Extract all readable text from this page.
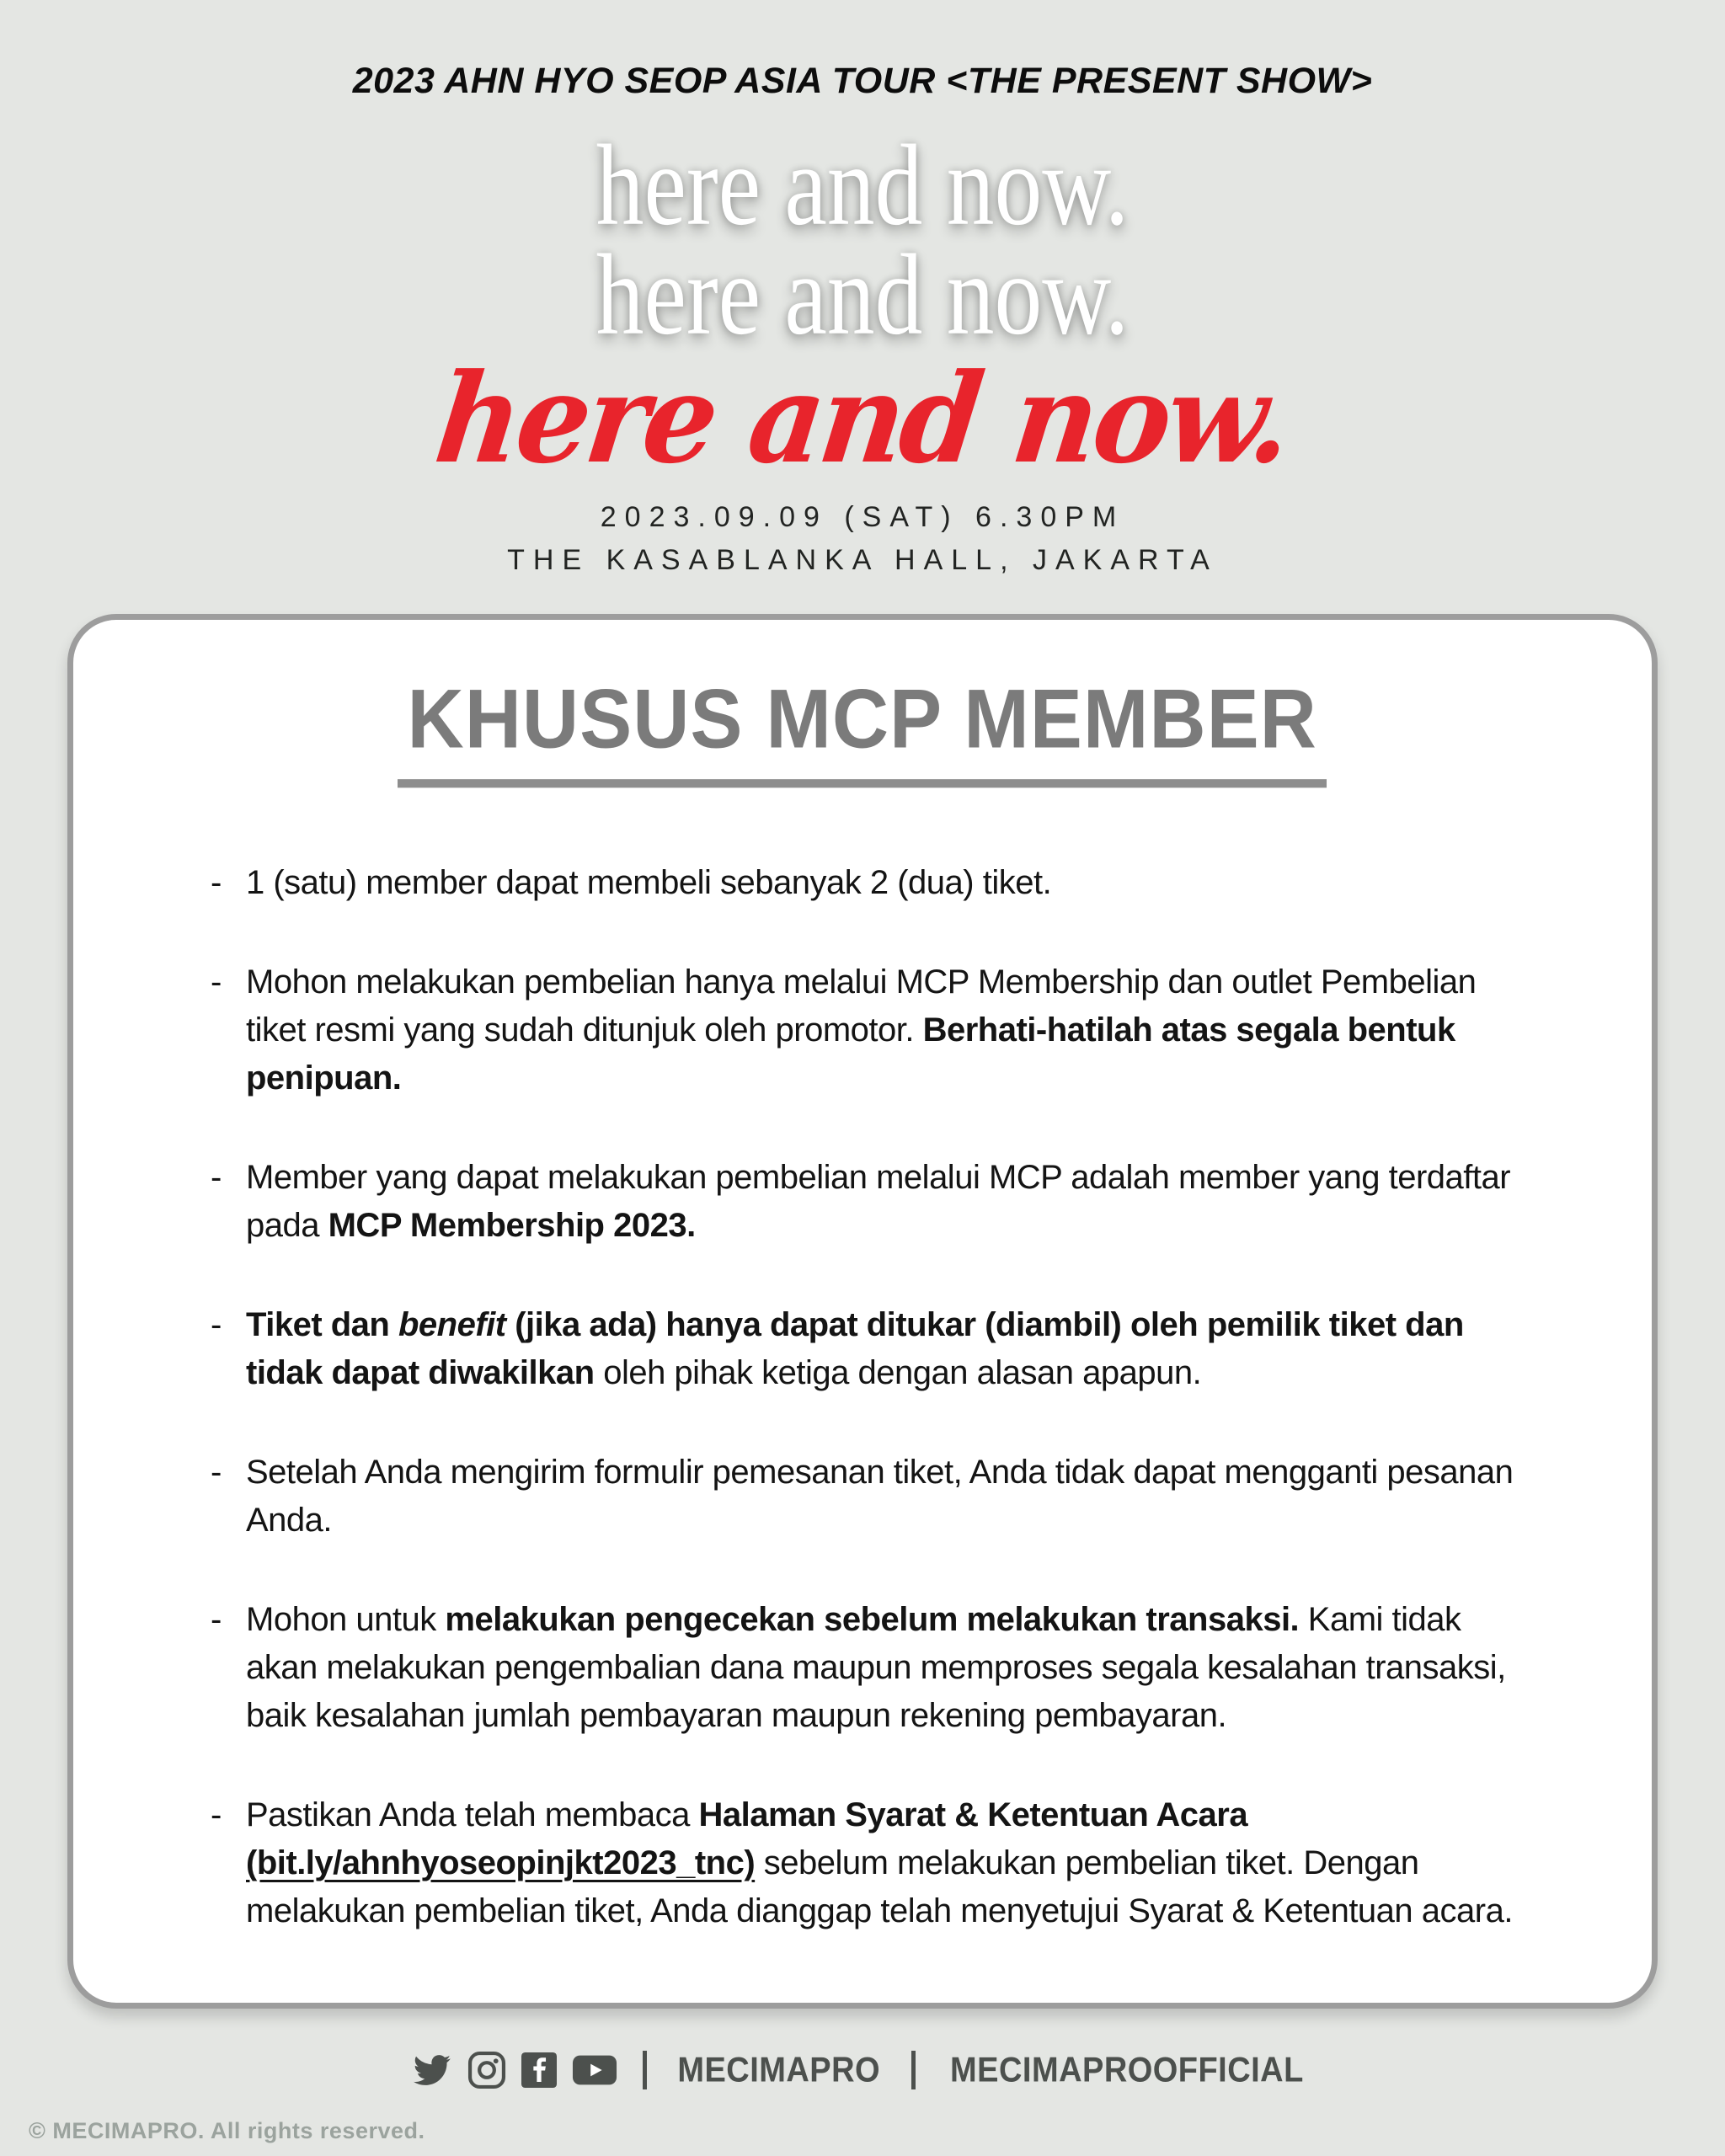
2023 AHN HYO SEOP ASIA TOUR <THE PRESENT SHOW>
here and now.
here and now.
here and now.
2023.09.09 (SAT) 6.30PM
THE KASABLANKA HALL, JAKARTA
KHUSUS MCP MEMBER
- 1 (satu) member dapat membeli sebanyak 2 (dua) tiket.
- Mohon melakukan pembelian hanya melalui MCP Membership dan outlet Pembelian tiket resmi yang sudah ditunjuk oleh promotor. Berhati-hatilah atas segala bentuk penipuan.
- Member yang dapat melakukan pembelian melalui MCP adalah member yang terdaftar pada MCP Membership 2023.
- Tiket dan benefit (jika ada) hanya dapat ditukar (diambil) oleh pemilik tiket dan tidak dapat diwakilkan oleh pihak ketiga dengan alasan apapun.
- Setelah Anda mengirim formulir pemesanan tiket, Anda tidak dapat mengganti pesanan Anda.
- Mohon untuk melakukan pengecekan sebelum melakukan transaksi. Kami tidak akan melakukan pengembalian dana maupun memproses segala kesalahan transaksi, baik kesalahan jumlah pembayaran maupun rekening pembayaran.
- Pastikan Anda telah membaca Halaman Syarat & Ketentuan Acara (bit.ly/ahnhyoseopinjkt2023_tnc) sebelum melakukan pembelian tiket. Dengan melakukan pembelian tiket, Anda dianggap telah menyetujui Syarat & Ketentuan acara.
MECIMAPRO MECIMAPROOFFICIAL
© MECIMAPRO. All rights reserved.
